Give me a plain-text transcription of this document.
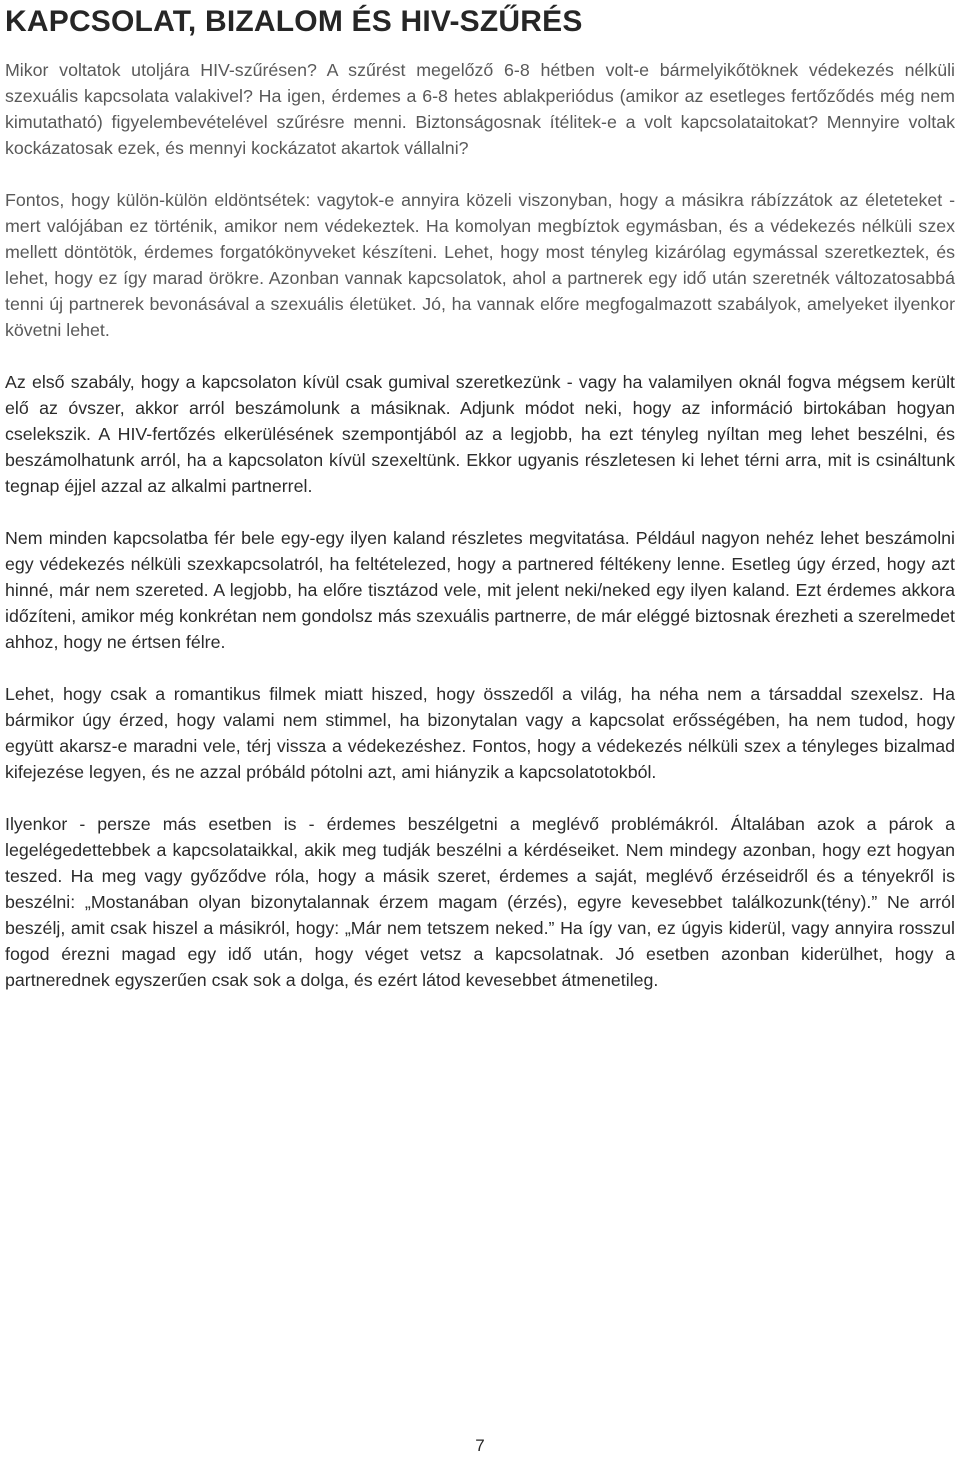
KAPCSOLAT, BIZALOM ÉS HIV-SZŰRÉS

Mikor voltatok utoljára HIV-szűrésen? A szűrést megelőző 6-8 hétben volt-e bármelyikőtöknek védekezés nélküli szexuális kapcsolata valakivel? Ha igen, érdemes a 6-8 hetes ablakperiódus (amikor az esetleges fertőződés még nem kimutatható) figyelembevételével szűrésre menni. Biztonságosnak ítélitek-e a volt kapcsolataitokat? Mennyire voltak kockázatosak ezek, és mennyi kockázatot akartok vállalni?

Fontos, hogy külön-külön eldöntsétek: vagytok-e annyira közeli viszonyban, hogy a másikra rábízzátok az életeteket - mert valójában ez történik, amikor nem védekeztek. Ha komolyan megbíztok egymásban, és a védekezés nélküli szex mellett döntötök, érdemes forgatókönyveket készíteni. Lehet, hogy most tényleg kizárólag egymással szeretkeztek, és lehet, hogy ez így marad örökre. Azonban vannak kapcsolatok, ahol a partnerek egy idő után szeretnék változatosabbá tenni új partnerek bevonásával a szexuális életüket. Jó, ha vannak előre megfogalmazott szabályok, amelyeket ilyenkor követni lehet.

Az első szabály, hogy a kapcsolaton kívül csak gumival szeretkezünk - vagy ha valamilyen oknál fogva mégsem került elő az óvszer, akkor arról beszámolunk a másiknak. Adjunk módot neki, hogy az információ birtokában hogyan cselekszik. A HIV-fertőzés elkerülésének szempontjából az a legjobb, ha ezt tényleg nyíltan meg lehet beszélni, és beszámolhatunk arról, ha a kapcsolaton kívül szexeltünk. Ekkor ugyanis részletesen ki lehet térni arra, mit is csináltunk tegnap éjjel azzal az alkalmi partnerrel.

Nem minden kapcsolatba fér bele egy-egy ilyen kaland részletes megvitatása. Például nagyon nehéz lehet beszámolni egy védekezés nélküli szexkapcsolatról, ha feltételezed, hogy a partnered féltékeny lenne. Esetleg úgy érzed, hogy azt hinné, már nem szereted. A legjobb, ha előre tisztázod vele, mit jelent neki/neked egy ilyen kaland. Ezt érdemes akkora időzíteni, amikor még konkrétan nem gondolsz más szexuális partnerre, de már eléggé biztosnak érezheti a szerelmedet ahhoz, hogy ne értsen félre.

Lehet, hogy csak a romantikus filmek miatt hiszed, hogy összedől a világ, ha néha nem a társaddal szexelsz. Ha bármikor úgy érzed, hogy valami nem stimmel, ha bizonytalan vagy a kapcsolat erősségében, ha nem tudod, hogy együtt akarsz-e maradni vele, térj vissza a védekezéshez. Fontos, hogy a védekezés nélküli szex a tényleges bizalmad kifejezése legyen, és ne azzal próbáld pótolni azt, ami hiányzik a kapcsolatotokból.

Ilyenkor - persze más esetben is - érdemes beszélgetni a meglévő problémákról. Általában azok a párok a legelégedettebbek a kapcsolataikkal, akik meg tudják beszélni a kérdéseiket. Nem mindegy azonban, hogy ezt hogyan teszed. Ha meg vagy győződve róla, hogy a másik szeret, érdemes a saját, meglévő érzéseidről és a tényekről is beszélni: „Mostanában olyan bizonytalannak érzem magam (érzés), egyre kevesebbet találkozunk(tény).” Ne arról beszélj, amit csak hiszel a másikról, hogy: „Már nem tetszem neked.” Ha így van, ez úgyis kiderül, vagy annyira rosszul fogod érezni magad egy idő után, hogy véget vetsz a kapcsolatnak. Jó esetben azonban kiderülhet, hogy a partnerednek egyszerűen csak sok a dolga, és ezért látod kevesebbet átmenetileg.

7
